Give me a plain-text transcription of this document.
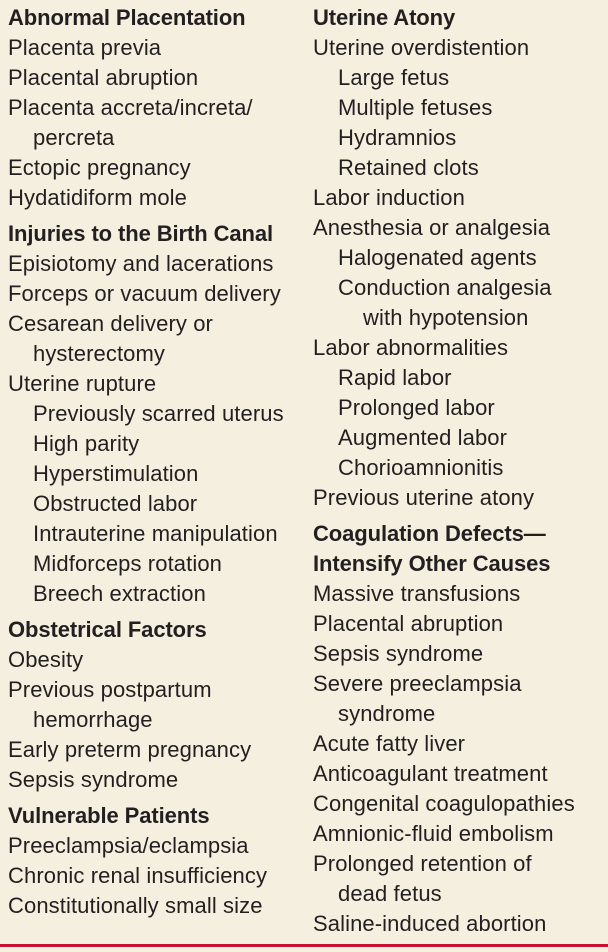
Abnormal Placentation
Placenta previa
Placental abruption
Placenta accreta/increta/
percreta
Ectopic pregnancy
Hydatidiform mole
Injuries to the Birth Canal
Episiotomy and lacerations
Forceps or vacuum delivery
Cesarean delivery or
hysterectomy
Uterine rupture
Previously scarred uterus
High parity
Hyperstimulation
Obstructed labor
Intrauterine manipulation
Midforceps rotation
Breech extraction
Obstetrical Factors
Obesity
Previous postpartum
hemorrhage
Early preterm pregnancy
Sepsis syndrome
Vulnerable Patients
Preeclampsia/eclampsia
Chronic renal insufficiency
Constitutionally small size
Uterine Atony
Uterine overdistention
Large fetus
Multiple fetuses
Hydramnios
Retained clots
Labor induction
Anesthesia or analgesia
Halogenated agents
Conduction analgesia
with hypotension
Labor abnormalities
Rapid labor
Prolonged labor
Augmented labor
Chorioamnionitis
Previous uterine atony
Coagulation Defects—
Intensify Other Causes
Massive transfusions
Placental abruption
Sepsis syndrome
Severe preeclampsia
syndrome
Acute fatty liver
Anticoagulant treatment
Congenital coagulopathies
Amnionic-fluid embolism
Prolonged retention of
dead fetus
Saline-induced abortion
